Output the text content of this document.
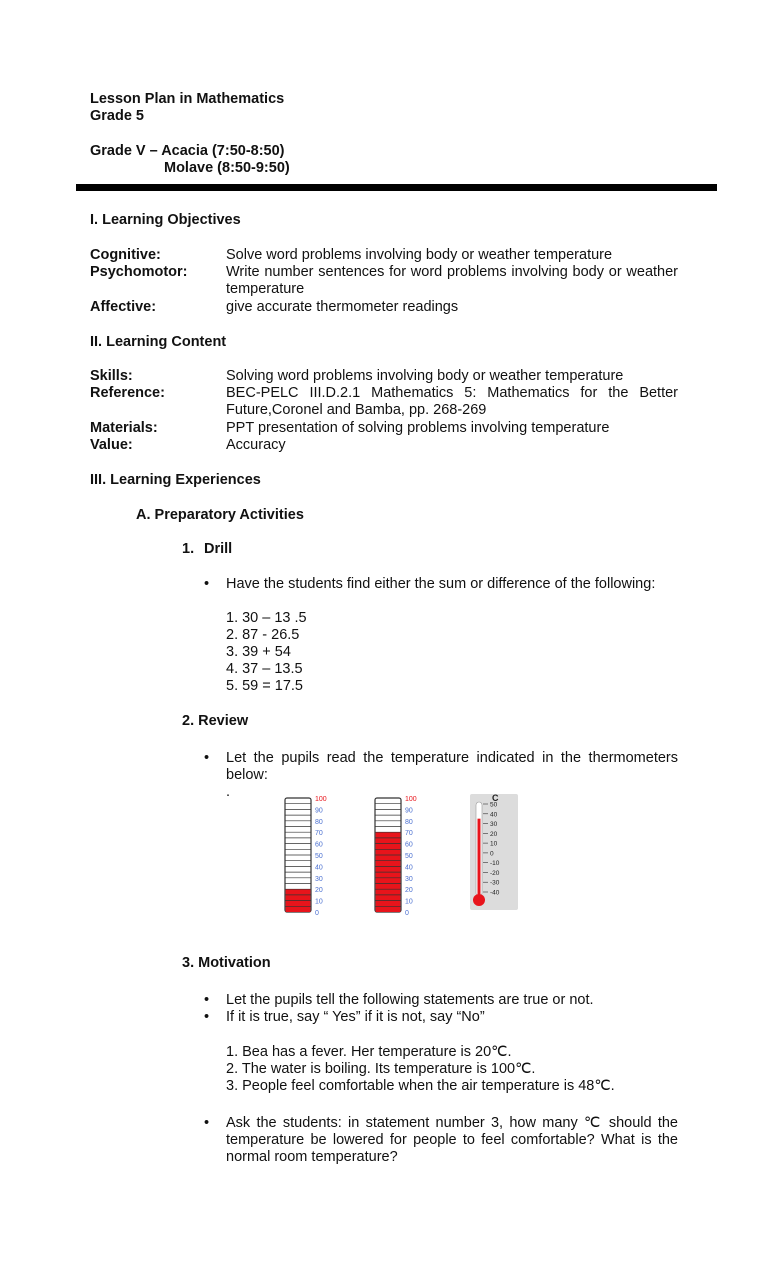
Lesson Plan in Mathematics
Grade 5
Grade V – Acacia (7:50-8:50)
Molave (8:50-9:50)
I. Learning Objectives
Cognitive:	Solve word problems involving body or weather temperature
Psychomotor:	Write number sentences for word problems involving body or weather temperature
Affective:	give accurate thermometer readings
II. Learning Content
Skills:	Solving word problems involving body or weather temperature
Reference:	BEC-PELC III.D.2.1 Mathematics 5: Mathematics for the Better Future,Coronel and Bamba, pp. 268-269
Materials:	PPT presentation of solving problems involving temperature
Value:	Accuracy
III. Learning Experiences
A. Preparatory Activities
1. Drill
• Have the students find either the sum or difference of the following:
1. 30 – 13 .5
2. 87 - 26.5
3. 39 + 54
4. 37 – 13.5
5. 59 = 17.5
2. Review
• Let the pupils read the temperature indicated in the thermometers below:
.	100
90
80
70
60
50
40
30
20
10
0
100
90
80
70
60
50
40
30
20
10
0
C
50
40
30
20
10
0
-10
-20
-30
-40
3. Motivation
• Let the pupils tell the following statements are true or not.
• If it is true, say “ Yes” if it is not, say “No”
1. Bea has a fever. Her temperature is 20℃.
2. The water is boiling. Its temperature is 100℃.
3. People feel comfortable when the air temperature is 48℃.
• Ask the students: in statement number 3, how many ℃ should the temperature be lowered for people to feel comfortable? What is the normal room temperature?
